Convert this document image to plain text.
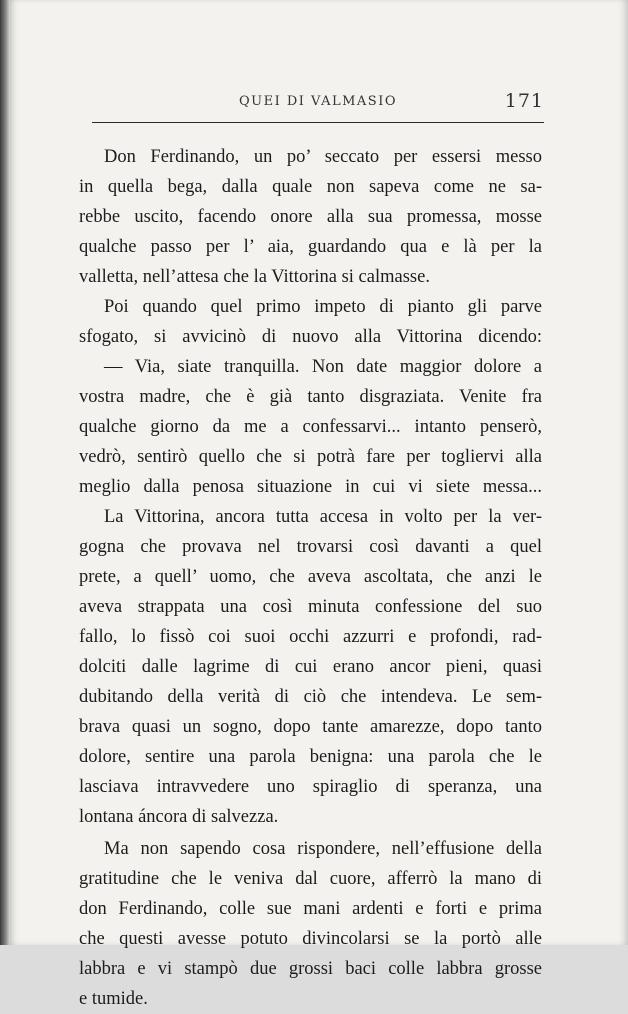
QUEI DI VALMASIO	171
Don Ferdinando, un po’ seccato per essersi messo
in quella bega, dalla quale non sapeva come ne sa-
rebbe uscito, facendo onore alla sua promessa, mosse
qualche passo per l’ aia, guardando qua e là per la
valletta, nell’attesa che la Vittorina si calmasse.
Poi quando quel primo impeto di pianto gli parve
sfogato, si avvicinò di nuovo alla Vittorina dicendo:
— Via, siate tranquilla. Non date maggior dolore a
vostra madre, che è già tanto disgraziata. Venite fra
qualche giorno da me a confessarvi... intanto penserò,
vedrò, sentirò quello che si potrà fare per togliervi alla
meglio dalla penosa situazione in cui vi siete messa...
La Vittorina, ancora tutta accesa in volto per la ver-
gogna che provava nel trovarsi così davanti a quel
prete, a quell’ uomo, che aveva ascoltata, che anzi le
aveva strappata una così minuta confessione del suo
fallo, lo fissò coi suoi occhi azzurri e profondi, rad-
dolciti dalle lagrime di cui erano ancor pieni, quasi
dubitando della verità di ciò che intendeva. Le sem-
brava quasi un sogno, dopo tante amarezze, dopo tanto
dolore, sentire una parola benigna: una parola che le
lasciava intravvedere uno spiraglio di speranza, una
lontana áncora di salvezza.
Ma non sapendo cosa rispondere, nell’effusione della
gratitudine che le veniva dal cuore, afferrò la mano di
don Ferdinando, colle sue mani ardenti e forti e prima
che questi avesse potuto divincolarsi se la portò alle
labbra e vi stampò due grossi baci colle labbra grosse
e tumide.
